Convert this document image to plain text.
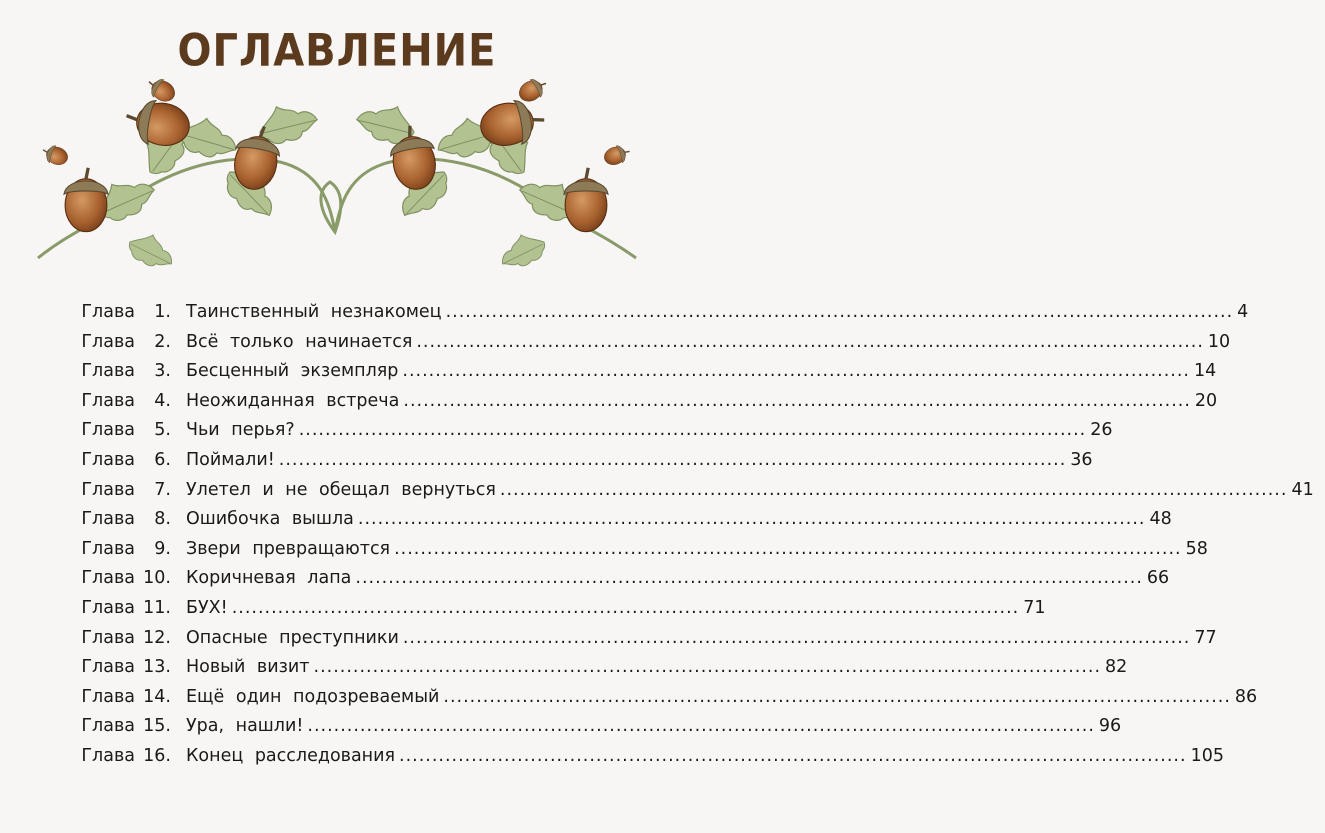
ОГЛАВЛЕНИЕ
Глава	1. Таинственный незнакомец ........................................................................................................................ 4
Глава	2. Всё только начинается ........................................................................................................................ 10
Глава	3. Бесценный экземпляр ........................................................................................................................ 14
Глава	4. Неожиданная встреча ........................................................................................................................ 20
Глава	5. Чьи перья? ........................................................................................................................ 26
Глава	6. Поймали! ........................................................................................................................ 36
Глава	7. Улетел и не обещал вернуться ........................................................................................................................ 41
Глава	8. Ошибочка вышла ........................................................................................................................ 48
Глава	9. Звери превращаются ........................................................................................................................ 58
Глава 10. Коричневая лапа ........................................................................................................................ 66
Глава 11. БУХ! ........................................................................................................................ 71
Глава 12. Опасные преступники ........................................................................................................................ 77
Глава 13. Новый визит ........................................................................................................................ 82
Глава 14. Ещё один подозреваемый ........................................................................................................................ 86
Глава 15. Ура, нашли! ........................................................................................................................ 96
Глава 16. Конец расследования ........................................................................................................................ 105
